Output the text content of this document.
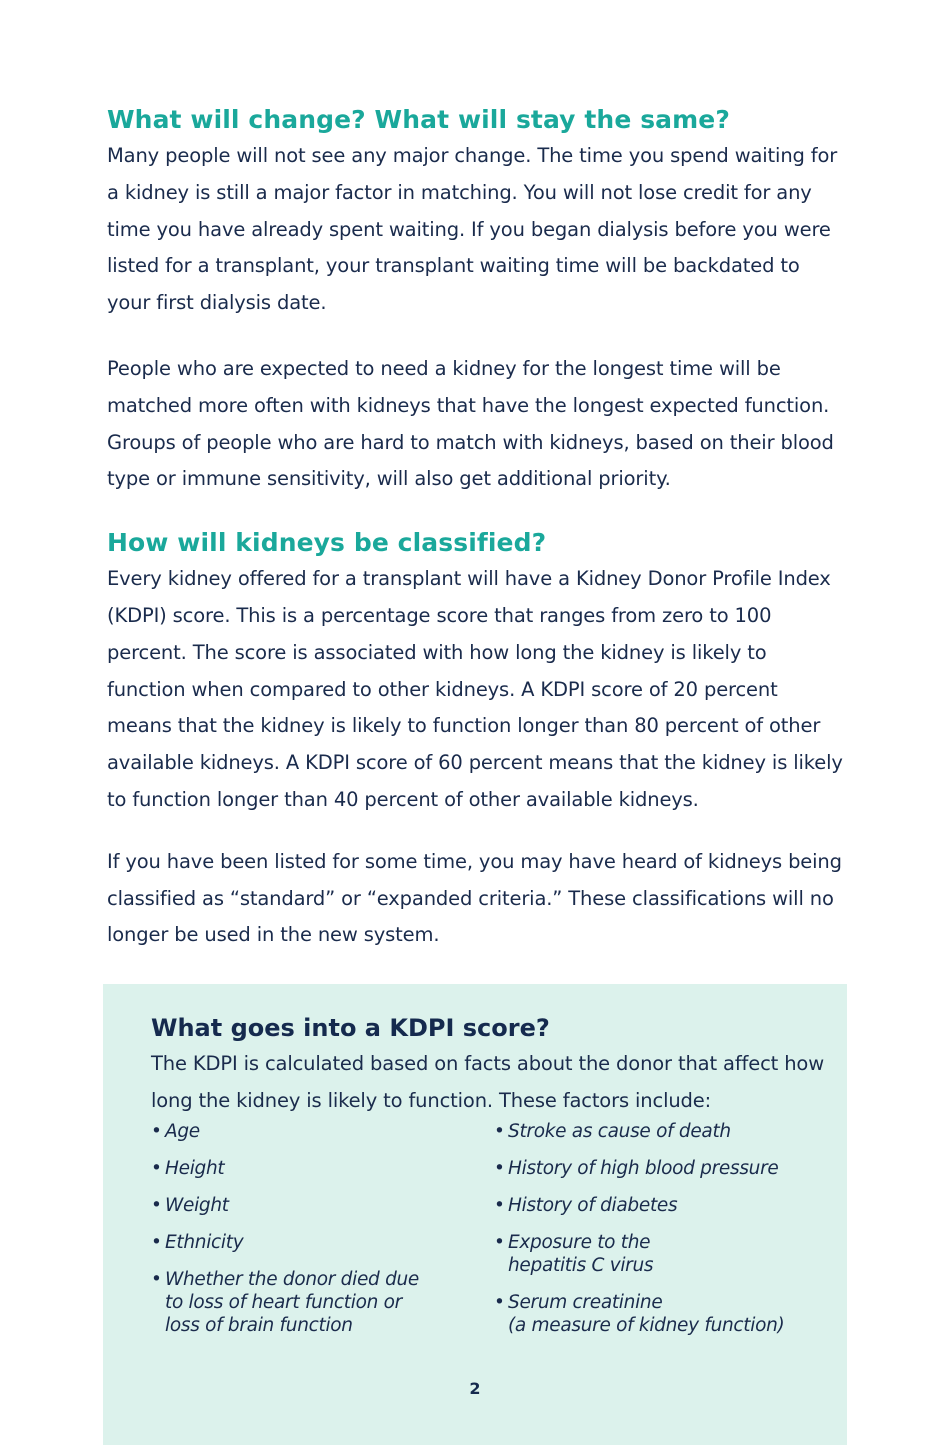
What will change? What will stay the same?

Many people will not see any major change. The time you spend waiting for a kidney is still a major factor in matching. You will not lose credit for any time you have already spent waiting. If you began dialysis before you were listed for a transplant, your transplant waiting time will be backdated to your first dialysis date.

People who are expected to need a kidney for the longest time will be matched more often with kidneys that have the longest expected function. Groups of people who are hard to match with kidneys, based on their blood type or immune sensitivity, will also get additional priority.

How will kidneys be classified?

Every kidney offered for a transplant will have a Kidney Donor Profile Index (KDPI) score. This is a percentage score that ranges from zero to 100 percent. The score is associated with how long the kidney is likely to function when compared to other kidneys. A KDPI score of 20 percent means that the kidney is likely to function longer than 80 percent of other available kidneys. A KDPI score of 60 percent means that the kidney is likely to function longer than 40 percent of other available kidneys.

If you have been listed for some time, you may have heard of kidneys being classified as “standard” or “expanded criteria.” These classifications will no longer be used in the new system.

What goes into a KDPI score?

The KDPI is calculated based on facts about the donor that affect how long the kidney is likely to function. These factors include:

• Age
• Height
• Weight
• Ethnicity
• Whether the donor died due
to loss of heart function or
loss of brain function
• Stroke as cause of death
• History of high blood pressure
• History of diabetes
• Exposure to the
hepatitis C virus
• Serum creatinine
(a measure of kidney function)
2
